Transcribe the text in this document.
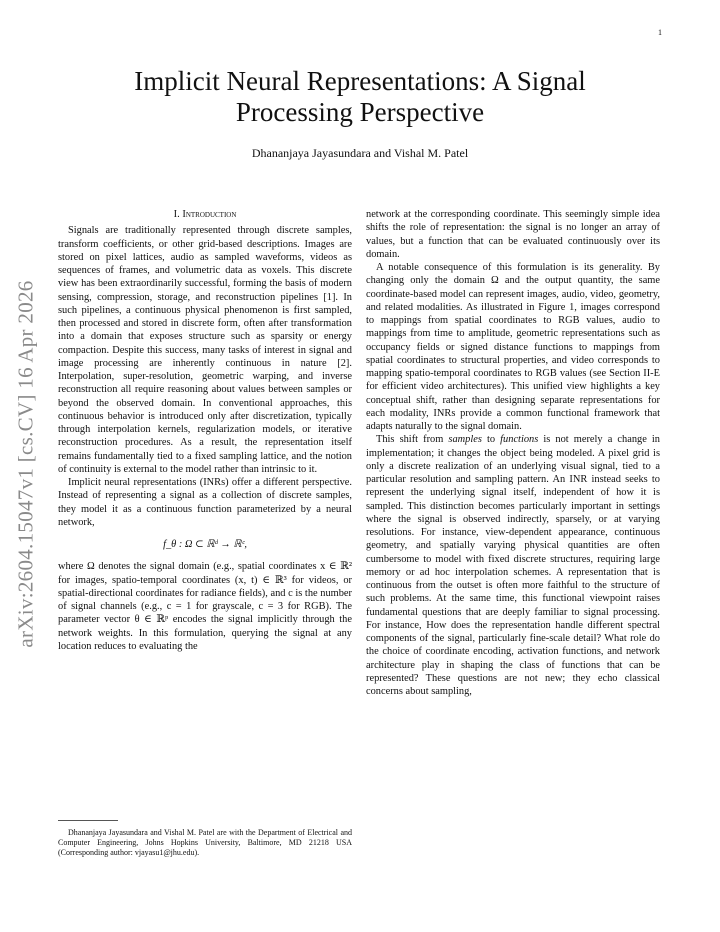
1
arXiv:2604.15047v1 [cs.CV] 16 Apr 2026
Implicit Neural Representations: A Signal Processing Perspective
Dhananjaya Jayasundara and Vishal M. Patel
I. Introduction

Signals are traditionally represented through discrete samples, transform coefficients, or other grid-based descriptions. Images are stored on pixel lattices, audio as sampled waveforms, videos as sequences of frames, and volumetric data as voxels. This discrete view has been extraordinarily successful, forming the basis of modern sensing, compression, storage, and reconstruction pipelines [1]. In such pipelines, a continuous physical phenomenon is first sampled, then processed and stored in discrete form, often after transformation into a domain that exposes structure such as sparsity or energy compaction. Despite this success, many tasks of interest in signal and image processing are inherently continuous in nature [2]. Interpolation, super-resolution, geometric warping, and inverse reconstruction all require reasoning about values between samples or beyond the observed domain. In conventional approaches, this continuous behavior is introduced only after discretization, typically through interpolation kernels, regularization models, or iterative reconstruction procedures. As a result, the representation itself remains fundamentally tied to a fixed sampling lattice, and the notion of continuity is external to the model rather than intrinsic to it.

Implicit neural representations (INRs) offer a different perspective. Instead of representing a signal as a collection of discrete samples, they model it as a continuous function parameterized by a neural network,

f_θ : Ω ⊂ ℝᵈ → ℝᶜ,

where Ω denotes the signal domain (e.g., spatial coordinates x ∈ ℝ² for images, spatio-temporal coordinates (x, t) ∈ ℝ³ for videos, or spatial-directional coordinates for radiance fields), and c is the number of signal channels (e.g., c = 1 for grayscale, c = 3 for RGB). The parameter vector θ ∈ ℝᵖ encodes the signal implicitly through the network weights. In this formulation, querying the signal at any location reduces to evaluating the

Dhananjaya Jayasundara and Vishal M. Patel are with the Department of Electrical and Computer Engineering, Johns Hopkins University, Baltimore, MD 21218 USA (Corresponding author: vjayasu1@jhu.edu).

network at the corresponding coordinate. This seemingly simple idea shifts the role of representation: the signal is no longer an array of values, but a function that can be evaluated continuously over its domain.

A notable consequence of this formulation is its generality. By changing only the domain Ω and the output quantity, the same coordinate-based model can represent images, audio, video, geometry, and related modalities. As illustrated in Figure 1, images correspond to mappings from spatial coordinates to RGB values, audio to mappings from time to amplitude, geometric representations such as occupancy fields or signed distance functions to mappings from spatial coordinates to structural properties, and video corresponds to mapping spatio-temporal coordinates to RGB values (see Section II-E for efficient video architectures). This unified view highlights a key conceptual shift, rather than designing separate representations for each modality, INRs provide a common functional framework that adapts naturally to the signal domain.

This shift from samples to functions is not merely a change in implementation; it changes the object being modeled. A pixel grid is only a discrete realization of an underlying visual signal, tied to a particular resolution and sampling pattern. An INR instead seeks to represent the underlying signal itself, independent of how it is sampled. This distinction becomes particularly important in settings where the signal is observed indirectly, sparsely, or at varying resolutions. For instance, view-dependent appearance, continuous geometry, and spatially varying physical quantities are often cumbersome to model with fixed discrete structures, requiring large memory or ad hoc interpolation schemes. A representation that is continuous from the outset is often more faithful to the structure of such problems. At the same time, this functional viewpoint raises fundamental questions that are deeply familiar to signal processing. For instance, How does the representation handle different spectral components of the signal, particularly fine-scale detail? What role do the choice of coordinate encoding, activation functions, and network architecture play in shaping the class of functions that can be represented? These questions are not new; they echo classical concerns about sampling,
